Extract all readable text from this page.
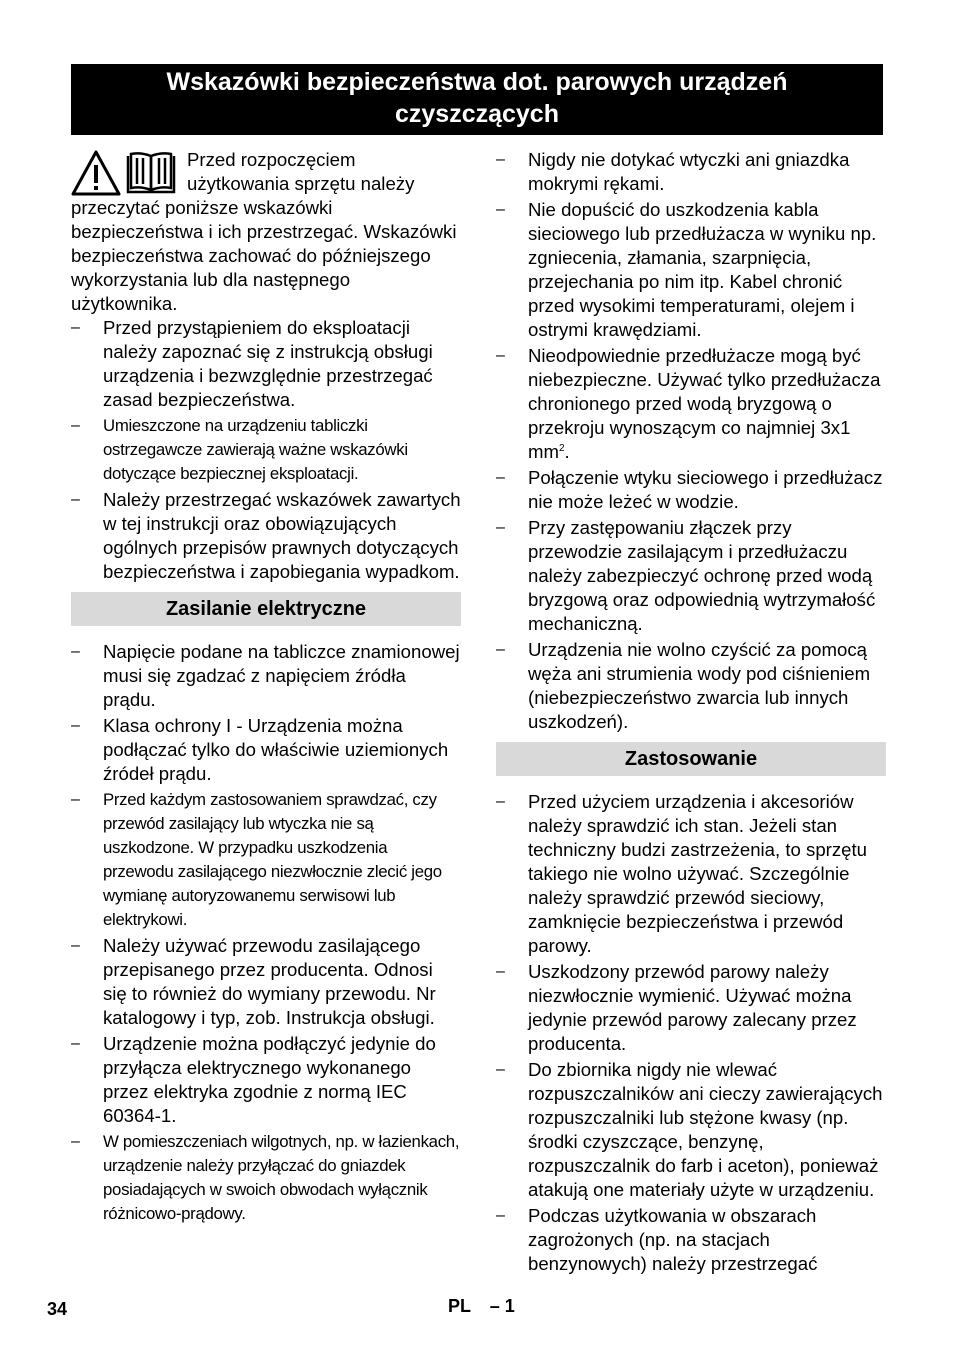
Wskazówki bezpieczeństwa dot. parowych urządzeń
czyszczących

Przed rozpoczęciem użytkowania sprzętu należy przeczytać poniższe wskazówki bezpieczeństwa i ich przestrzegać. Wskazówki bezpieczeństwa zachować do późniejszego wykorzystania lub dla następnego użytkownika.

– Przed przystąpieniem do eksploatacji należy zapoznać się z instrukcją obsługi urządzenia i bezwzględnie przestrzegać zasad bezpieczeństwa.
– Umieszczone na urządzeniu tabliczki ostrzegawcze zawierają ważne wskazówki dotyczące bezpiecznej eksploatacji.
– Należy przestrzegać wskazówek zawartych w tej instrukcji oraz obowiązujących ogólnych przepisów prawnych dotyczących bezpieczeństwa i zapobiegania wypadkom.
Zasilanie elektryczne
– Napięcie podane na tabliczce znamionowej musi się zgadzać z napięciem źródła prądu.
– Klasa ochrony I - Urządzenia można podłączać tylko do właściwie uziemionych źródeł prądu.
– Przed każdym zastosowaniem sprawdzać, czy przewód zasilający lub wtyczka nie są uszkodzone. W przypadku uszkodzenia przewodu zasilającego niezwłocznie zlecić jego wymianę autoryzowanemu serwisowi lub elektrykowi.
– Należy używać przewodu zasilającego przepisanego przez producenta. Odnosi się to również do wymiany przewodu. Nr katalogowy i typ, zob. Instrukcja obsługi.
– Urządzenie można podłączyć jedynie do przyłącza elektrycznego wykonanego przez elektryka zgodnie z normą IEC 60364-1.
– W pomieszczeniach wilgotnych, np. w łazienkach, urządzenie należy przyłączać do gniazdek posiadających w swoich obwodach wyłącznik różnicowo-prądowy.
– Nigdy nie dotykać wtyczki ani gniazdka mokrymi rękami.
– Nie dopuścić do uszkodzenia kabla sieciowego lub przedłużacza w wyniku np. zgniecenia, złamania, szarpnięcia, przejechania po nim itp. Kabel chronić przed wysokimi temperaturami, olejem i ostrymi krawędziami.
– Nieodpowiednie przedłużacze mogą być niebezpieczne. Używać tylko przedłużacza chronionego przed wodą bryzgową o przekroju wynoszącym co najmniej 3x1 $mm^2$.
– Połączenie wtyku sieciowego i przedłużacz nie może leżeć w wodzie.
– Przy zastępowaniu złączek przy przewodzie zasilającym i przedłużaczu należy zabezpieczyć ochronę przed wodą bryzgową oraz odpowiednią wytrzymałość mechaniczną.
– Urządzenia nie wolno czyścić za pomocą węża ani strumienia wody pod ciśnieniem (niebezpieczeństwo zwarcia lub innych uszkodzeń).
Zastosowanie
– Przed użyciem urządzenia i akcesoriów należy sprawdzić ich stan. Jeżeli stan techniczny budzi zastrzeżenia, to sprzętu takiego nie wolno używać. Szczególnie należy sprawdzić przewód sieciowy, zamknięcie bezpieczeństwa i przewód parowy.
– Uszkodzony przewód parowy należy niezwłocznie wymienić. Używać można jedynie przewód parowy zalecany przez producenta.
– Do zbiornika nigdy nie wlewać rozpuszczalników ani cieczy zawierających rozpuszczalniki lub stężone kwasy (np. środki czyszczące, benzynę, rozpuszczalnik do farb i aceton), ponieważ atakują one materiały użyte w urządzeniu.
– Podczas użytkowania w obszarach zagrożonych (np. na stacjach benzynowych) należy przestrzegać
34	PL – 1
